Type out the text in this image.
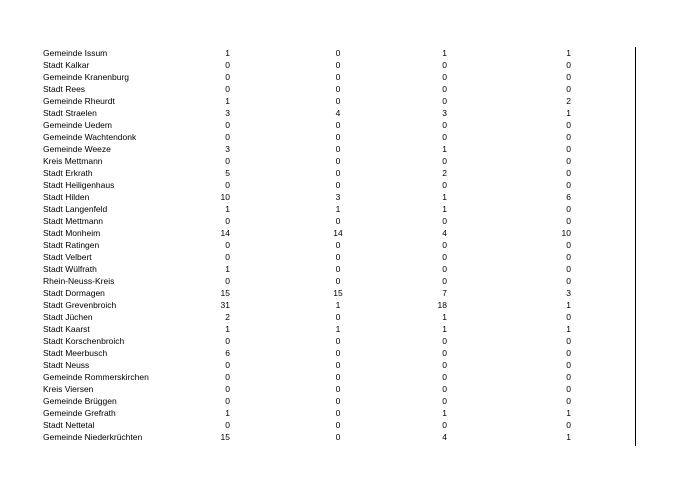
Gemeinde Issum	1	0	1	1
Stadt Kalkar	0	0	0	0
Gemeinde Kranenburg	0	0	0	0
Stadt Rees	0	0	0	0
Gemeinde Rheurdt	1	0	0	2
Stadt Straelen	3	4	3	1
Gemeinde Uedem	0	0	0	0
Gemeinde Wachtendonk	0	0	0	0
Gemeinde Weeze	3	0	1	0
Kreis Mettmann	0	0	0	0
Stadt Erkrath	5	0	2	0
Stadt Heiligenhaus	0	0	0	0
Stadt Hilden	10	3	1	6
Stadt Langenfeld	1	1	1	0
Stadt Mettmann	0	0	0	0
Stadt Monheim	14	14	4	10
Stadt Ratingen	0	0	0	0
Stadt Velbert	0	0	0	0
Stadt Wülfrath	1	0	0	0
Rhein-Neuss-Kreis	0	0	0	0
Stadt Dormagen	15	15	7	3
Stadt Grevenbroich	31	1	18	1
Stadt Jüchen	2	0	1	0
Stadt Kaarst	1	1	1	1
Stadt Korschenbroich	0	0	0	0
Stadt Meerbusch	6	0	0	0
Stadt Neuss	0	0	0	0
Gemeinde Rommerskirchen	0	0	0	0
Kreis Viersen	0	0	0	0
Gemeinde Brüggen	0	0	0	0
Gemeinde Grefrath	1	0	1	1
Stadt Nettetal	0	0	0	0
Gemeinde Niederkrüchten	15	0	4	1
